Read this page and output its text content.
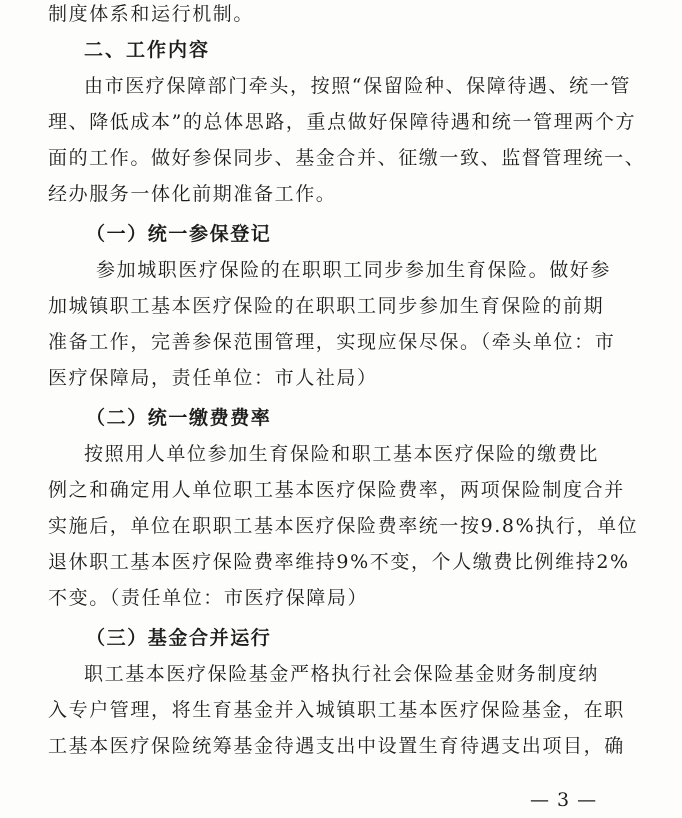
制度体系和运行机制。
二、工作内容
由市医疗保障部门牵头，按照“保留险种、保障待遇、统一管
理、降低成本”的总体思路，重点做好保障待遇和统一管理两个方
面的工作。做好参保同步、基金合并、征缴一致、监督管理统一、
经办服务一体化前期准备工作。
（一）统一参保登记
参加城职医疗保险的在职职工同步参加生育保险。做好参
加城镇职工基本医疗保险的在职职工同步参加生育保险的前期
准备工作，完善参保范围管理，实现应保尽保。（牵头单位：市
医疗保障局，责任单位：市人社局）
（二）统一缴费费率
按照用人单位参加生育保险和职工基本医疗保险的缴费比
例之和确定用人单位职工基本医疗保险费率，两项保险制度合并
实施后，单位在职职工基本医疗保险费率统一按9.8%执行，单位
退休职工基本医疗保险费率维持9%不变，个人缴费比例维持2%
不变。（责任单位：市医疗保障局）
（三）基金合并运行
职工基本医疗保险基金严格执行社会保险基金财务制度纳
入专户管理，将生育基金并入城镇职工基本医疗保险基金，在职
工基本医疗保险统筹基金待遇支出中设置生育待遇支出项目，确
— 3 —
